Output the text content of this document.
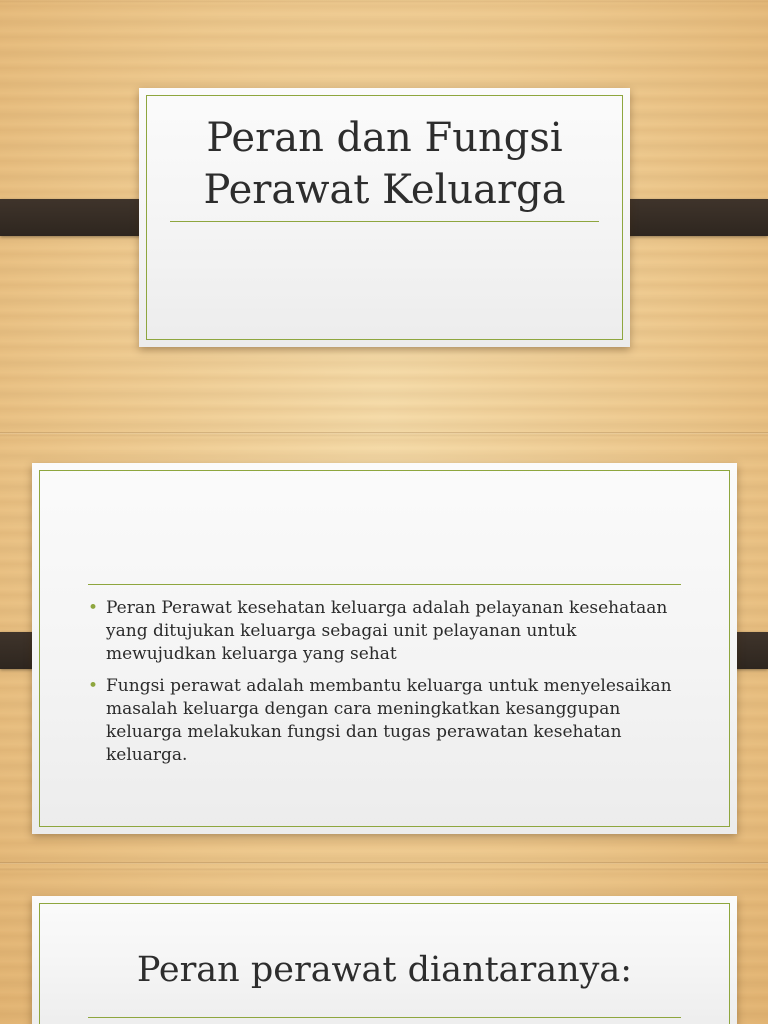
Peran dan Fungsi
Perawat Keluarga
• Peran Perawat kesehatan keluarga adalah pelayanan kesehataan yang ditujukan keluarga sebagai unit pelayanan untuk mewujudkan keluarga yang sehat
• Fungsi perawat adalah membantu keluarga untuk menyelesaikan masalah keluarga dengan cara meningkatkan kesanggupan keluarga melakukan fungsi dan tugas perawatan kesehatan keluarga.
Peran perawat diantaranya:
